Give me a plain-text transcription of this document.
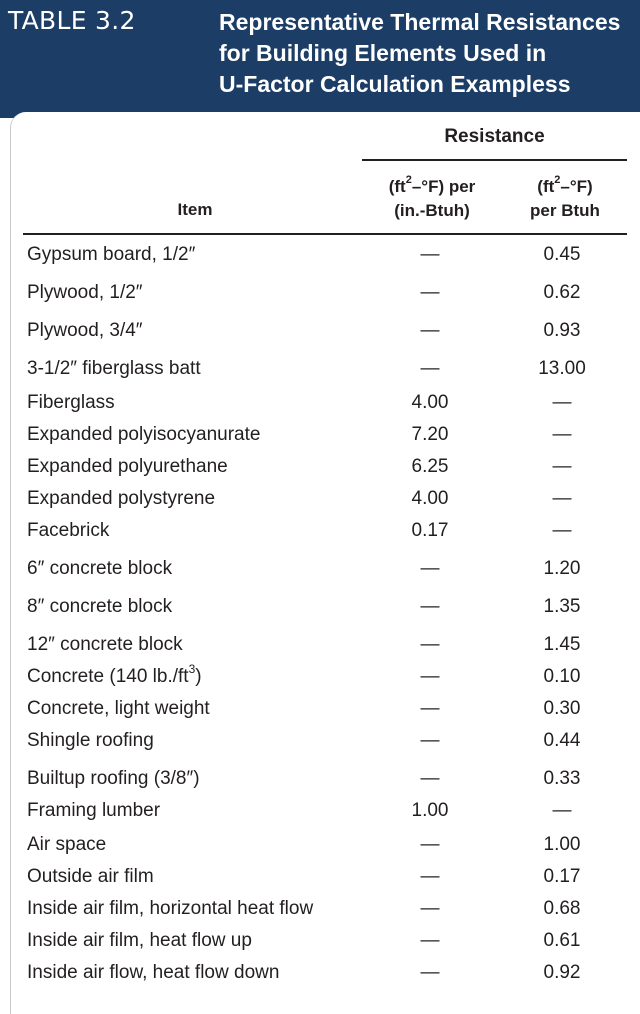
TABLE 3.2	Representative Thermal Resistances
for Building Elements Used in
U-Factor Calculation Exampless
Resistance
Item
$(ft^2-^\circ F)$ per
(in.-Btuh)
$(ft^2-^\circ F)$
per Btuh
Gypsum board, 1/2″	—	0.45
Plywood, 1/2″	—	0.62
Plywood, 3/4″	—	0.93
3-1/2″ fiberglass batt	—	13.00
Fiberglass	4.00	—
Expanded polyisocyanurate	7.20	—
Expanded polyurethane	6.25	—
Expanded polystyrene	4.00	—
Facebrick	0.17	—
6″ concrete block	—	1.20
8″ concrete block	—	1.35
12″ concrete block	—	1.45
Concrete (140 $lb./ft^3$)	—	0.10
Concrete, light weight	—	0.30
Shingle roofing	—	0.44
Builtup roofing (3/8″)	—	0.33
Framing lumber	1.00	—
Air space	—	1.00
Outside air film	—	0.17
Inside air film, horizontal heat flow	—	0.68
Inside air film, heat flow up	—	0.61
Inside air flow, heat flow down	—	0.92
